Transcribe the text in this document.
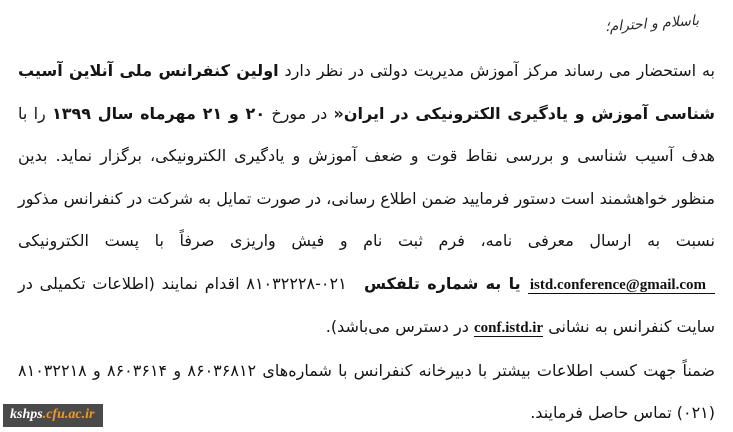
باسلام و احترام؛

به استحضار می رساند مرکز آموزش مدیریت دولتی در نظر دارد اولین کنفرانس ملی آنلاین آسیب شناسی آموزش و یادگیری الکترونیکی در ایران« در مورخ ۲۰ و ۲۱ مهرماه سال ۱۳۹۹ را با هدف آسیب شناسی و بررسی نقاط قوت و ضعف آموزش و یادگیری الکترونیکی، برگزار نماید. بدین منظور خواهشمند است دستور فرمایید ضمن اطلاع رسانی، در صورت تمایل به شرکت در کنفرانس مذکور نسبت به ارسال معرفی نامه، فرم ثبت نام و فیش واریزی صرفاً با پست الکترونیکی istd.conference@gmail.com یا به شماره تلفکس ۸۱۰۳۲۲۲۸-۰۲۱ اقدام نمایند (اطلاعات تکمیلی در سایت کنفرانس به نشانی conf.istd.ir در دسترس می‌باشد).

ضمناً جهت کسب اطلاعات بیشتر با دبیرخانه کنفرانس با شماره‌های ۸۶۰۳۶۸۱۲ و ۸۶۰۳۶۱۴ و ۸۱۰۳۲۲۱۸ (۰۲۱) تماس حاصل فرمایند.

kshps.cfu.ac.ir
